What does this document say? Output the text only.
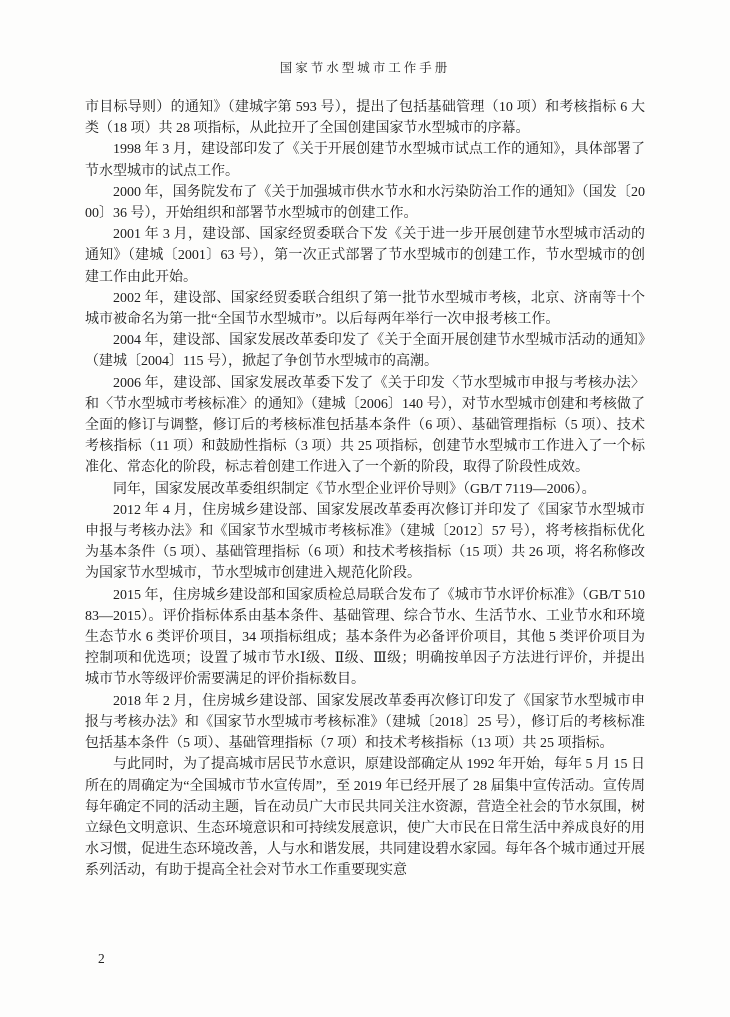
国家节水型城市工作手册

市目标导则）的通知》（建城字第 593 号），提出了包括基础管理（10 项）和考核指标 6 大类（18 项）共 28 项指标，从此拉开了全国创建国家节水型城市的序幕。

1998 年 3 月，建设部印发了《关于开展创建节水型城市试点工作的通知》，具体部署了节水型城市的试点工作。

2000 年，国务院发布了《关于加强城市供水节水和水污染防治工作的通知》（国发〔2000〕36 号），开始组织和部署节水型城市的创建工作。

2001 年 3 月，建设部、国家经贸委联合下发《关于进一步开展创建节水型城市活动的通知》（建城〔2001〕63 号），第一次正式部署了节水型城市的创建工作，节水型城市的创建工作由此开始。

2002 年，建设部、国家经贸委联合组织了第一批节水型城市考核，北京、济南等十个城市被命名为第一批“全国节水型城市”。以后每两年举行一次申报考核工作。

2004 年，建设部、国家发展改革委印发了《关于全面开展创建节水型城市活动的通知》（建城〔2004〕115 号），掀起了争创节水型城市的高潮。

2006 年，建设部、国家发展改革委下发了《关于印发〈节水型城市申报与考核办法〉和〈节水型城市考核标准〉的通知》（建城〔2006〕140 号），对节水型城市创建和考核做了全面的修订与调整，修订后的考核标准包括基本条件（6 项）、基础管理指标（5 项）、技术考核指标（11 项）和鼓励性指标（3 项）共 25 项指标，创建节水型城市工作进入了一个标准化、常态化的阶段，标志着创建工作进入了一个新的阶段，取得了阶段性成效。

同年，国家发展改革委组织制定《节水型企业评价导则》（GB/T 7119—2006）。

2012 年 4 月，住房城乡建设部、国家发展改革委再次修订并印发了《国家节水型城市申报与考核办法》和《国家节水型城市考核标准》（建城〔2012〕57 号），将考核指标优化为基本条件（5 项）、基础管理指标（6 项）和技术考核指标（15 项）共 26 项，将名称修改为国家节水型城市，节水型城市创建进入规范化阶段。

2015 年，住房城乡建设部和国家质检总局联合发布了《城市节水评价标准》（GB/T 51083—2015）。评价指标体系由基本条件、基础管理、综合节水、生活节水、工业节水和环境生态节水 6 类评价项目，34 项指标组成；基本条件为必备评价项目，其他 5 类评价项目为控制项和优选项；设置了城市节水Ⅰ级、Ⅱ级、Ⅲ级；明确按单因子方法进行评价，并提出城市节水等级评价需要满足的评价指标数目。

2018 年 2 月，住房城乡建设部、国家发展改革委再次修订印发了《国家节水型城市申报与考核办法》和《国家节水型城市考核标准》（建城〔2018〕25 号），修订后的考核标准包括基本条件（5 项）、基础管理指标（7 项）和技术考核指标（13 项）共 25 项指标。

与此同时，为了提高城市居民节水意识，原建设部确定从 1992 年开始，每年 5 月 15 日所在的周确定为“全国城市节水宣传周”，至 2019 年已经开展了 28 届集中宣传活动。宣传周每年确定不同的活动主题，旨在动员广大市民共同关注水资源，营造全社会的节水氛围，树立绿色文明意识、生态环境意识和可持续发展意识，使广大市民在日常生活中养成良好的用水习惯，促进生态环境改善，人与水和谐发展，共同建设碧水家园。每年各个城市通过开展系列活动，有助于提高全社会对节水工作重要现实意

2
